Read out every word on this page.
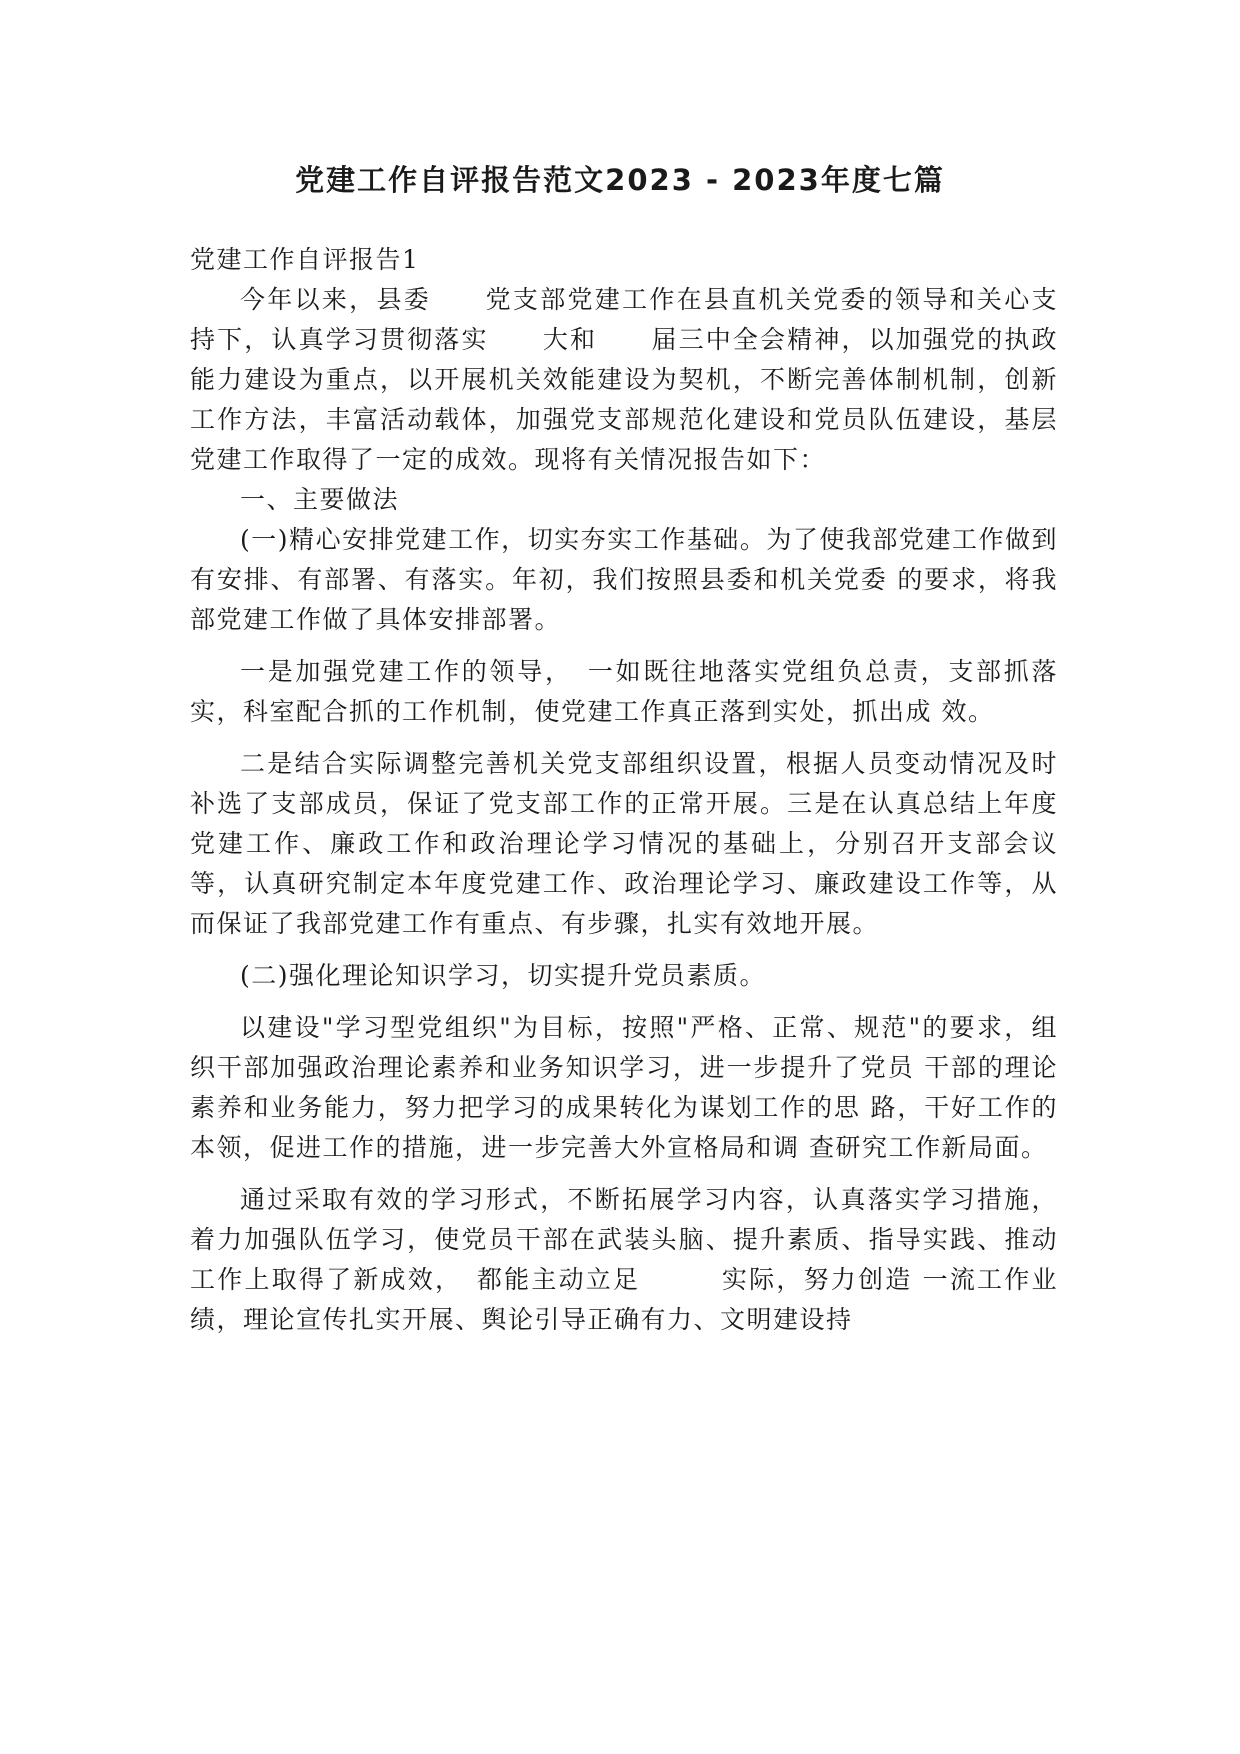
党建工作自评报告范文2023 - 2023年度七篇

党建工作自评报告1

今年以来，县委　　党支部党建工作在县直机关党委的领导和关心支持下，认真学习贯彻落实　　大和　　届三中全会精神，以加强党的执政能力建设为重点，以开展机关效能建设为契机，不断完善体制机制，创新工作方法，丰富活动载体，加强党支部规范化建设和党员队伍建设，基层党建工作取得了一定的成效。现将有关情况报告如下：

一、主要做法

(一)精心安排党建工作，切实夯实工作基础。为了使我部党建工作做到有安排、有部署、有落实。年初，我们按照县委和机关党委 的要求，将我部党建工作做了具体安排部署。

一是加强党建工作的领导，　一如既往地落实党组负总责，支部抓落实，科室配合抓的工作机制，使党建工作真正落到实处，抓出成 效。

二是结合实际调整完善机关党支部组织设置，根据人员变动情况及时补选了支部成员，保证了党支部工作的正常开展。三是在认真总结上年度党建工作、廉政工作和政治理论学习情况的基础上，分别召开支部会议等，认真研究制定本年度党建工作、政治理论学习、廉政建设工作等，从而保证了我部党建工作有重点、有步骤，扎实有效地开展。

(二)强化理论知识学习，切实提升党员素质。

以建设"学习型党组织"为目标，按照"严格、正常、规范"的要求，组织干部加强政治理论素养和业务知识学习，进一步提升了党员 干部的理论素养和业务能力，努力把学习的成果转化为谋划工作的思 路，干好工作的本领，促进工作的措施，进一步完善大外宣格局和调 查研究工作新局面。

通过采取有效的学习形式，不断拓展学习内容，认真落实学习措施，着力加强队伍学习，使党员干部在武装头脑、提升素质、指导实践、推动工作上取得了新成效，　都能主动立足　　　实际，努力创造 一流工作业绩，理论宣传扎实开展、舆论引导正确有力、文明建设持
